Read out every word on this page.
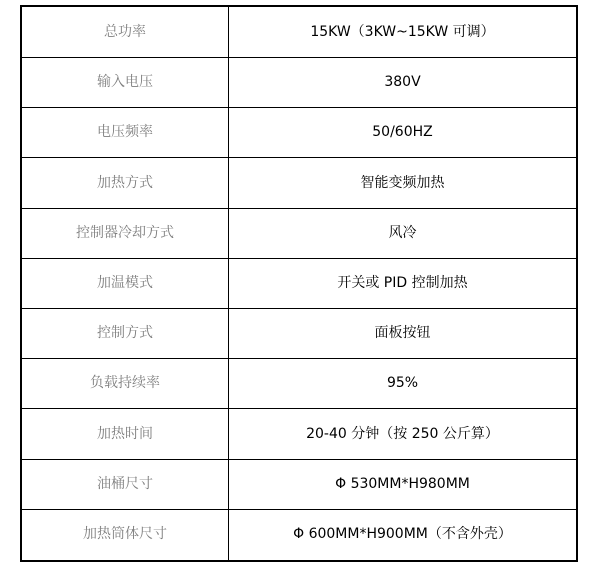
总功率	15KW（3KW~15KW 可调）
输入电压	380V
电压频率	50/60HZ
加热方式	智能变频加热
控制器冷却方式	风冷
加温模式	开关或 PID 控制加热
控制方式	面板按钮
负载持续率	95%
加热时间	20-40 分钟（按 250 公斤算）
油桶尺寸	Φ 530MM*H980MM
加热筒体尺寸	Φ 600MM*H900MM（不含外壳）
